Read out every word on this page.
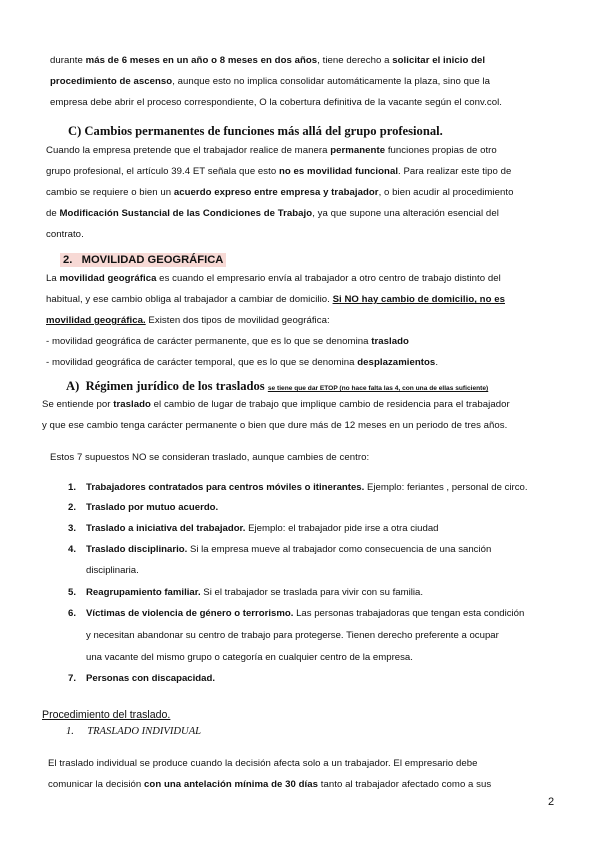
durante más de 6 meses en un año o 8 meses en dos años, tiene derecho a solicitar el inicio del
procedimiento de ascenso, aunque esto no implica consolidar automáticamente la plaza, sino que la
empresa debe abrir el proceso correspondiente, O la cobertura definitiva de la vacante según el conv.col.
C) Cambios permanentes de funciones más allá del grupo profesional.
Cuando la empresa pretende que el trabajador realice de manera permanente funciones propias de otro
grupo profesional, el artículo 39.4 ET señala que esto no es movilidad funcional. Para realizar este tipo de
cambio se requiere o bien un acuerdo expreso entre empresa y trabajador, o bien acudir al procedimiento
de Modificación Sustancial de las Condiciones de Trabajo, ya que supone una alteración esencial del
contrato.
2.   MOVILIDAD GEOGRÁFICA
La movilidad geográfica es cuando el empresario envía al trabajador a otro centro de trabajo distinto del
habitual, y ese cambio obliga al trabajador a cambiar de domicilio. Si NO hay cambio de domicilio, no es
movilidad geográfica. Existen dos tipos de movilidad geográfica:
- movilidad geográfica de carácter permanente, que es lo que se denomina traslado
- movilidad geográfica de carácter temporal, que es lo que se denomina desplazamientos.
A)  Régimen jurídico de los traslados se tiene que dar ETOP (no hace falta las 4, con una de ellas suficiente)
Se entiende por traslado el cambio de lugar de trabajo que implique cambio de residencia para el trabajador
y que ese cambio tenga carácter permanente o bien que dure más de 12 meses en un periodo de tres años.
Estos 7 supuestos NO se consideran traslado, aunque cambies de centro:
1. Trabajadores contratados para centros móviles o itinerantes. Ejemplo: feriantes , personal de circo.
2. Traslado por mutuo acuerdo.
3. Traslado a iniciativa del trabajador. Ejemplo: el trabajador pide irse a otra ciudad
4. Traslado disciplinario. Si la empresa mueve al trabajador como consecuencia de una sanción
disciplinaria.
5. Reagrupamiento familiar. Si el trabajador se traslada para vivir con su familia.
6. Víctimas de violencia de género o terrorismo. Las personas trabajadoras que tengan esta condición
y necesitan abandonar su centro de trabajo para protegerse. Tienen derecho preferente a ocupar
una vacante del mismo grupo o categoría en cualquier centro de la empresa.
7. Personas con discapacidad.
Procedimiento del traslado.
1.     TRASLADO INDIVIDUAL
El traslado individual se produce cuando la decisión afecta solo a un trabajador. El empresario debe
comunicar la decisión con una antelación mínima de 30 días tanto al trabajador afectado como a sus
2
